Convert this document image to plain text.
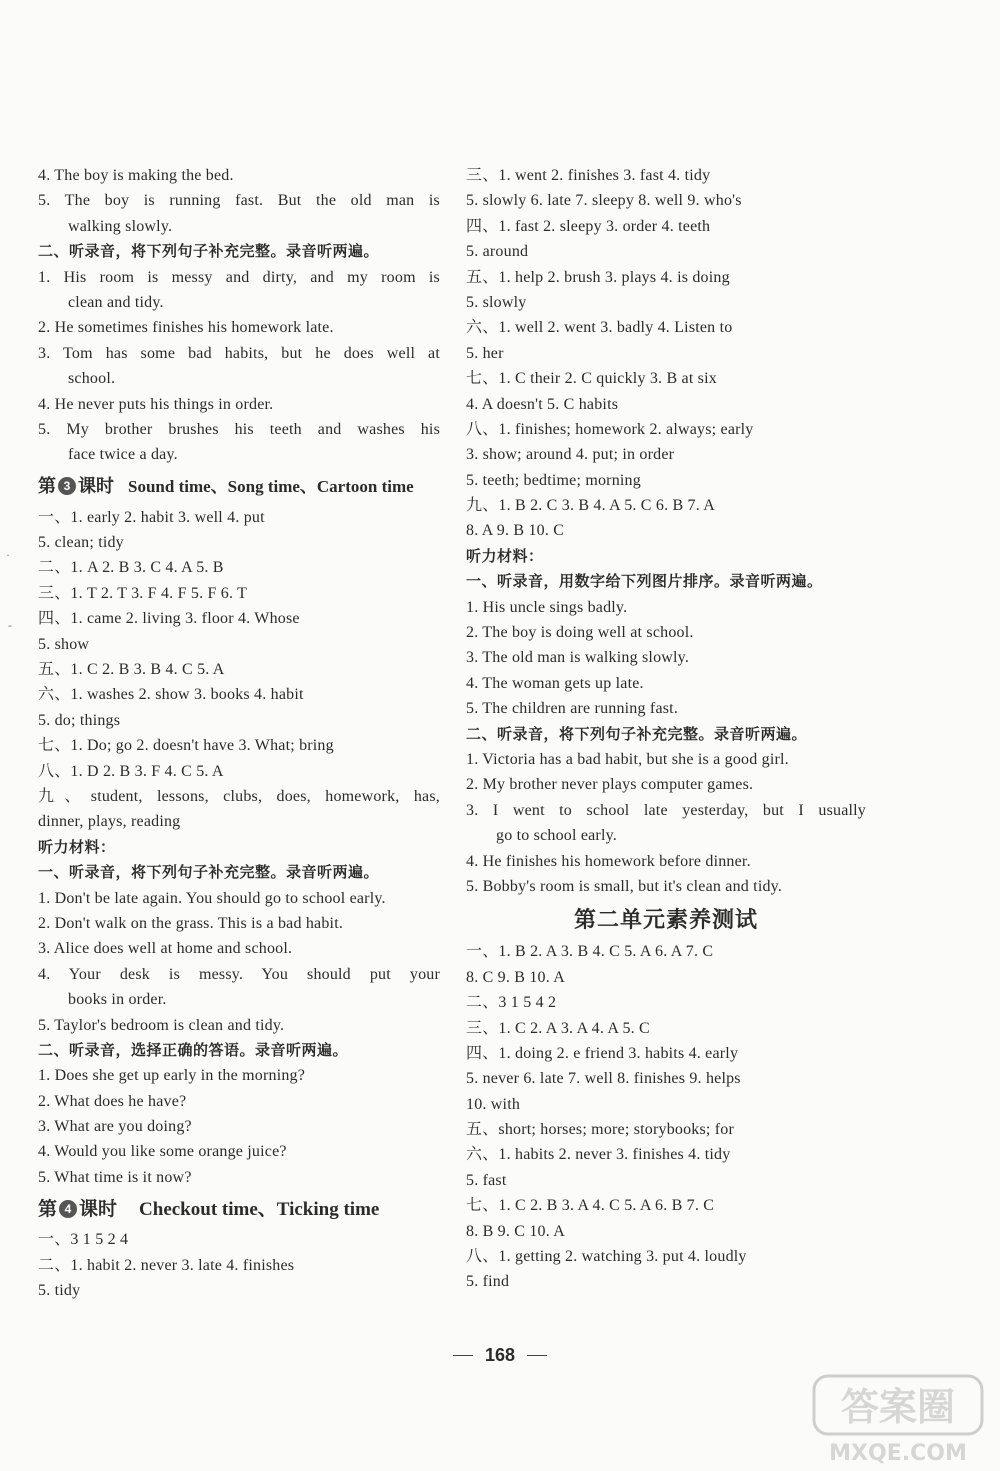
4. The boy is making the bed.
5. The boy is running fast. But the old man is
walking slowly.
二、听录音，将下列句子补充完整。录音听两遍。
1. His room is messy and dirty, and my room is
clean and tidy.
2. He sometimes finishes his homework late.
3. Tom has some bad habits, but he does well at
school.
4. He never puts his things in order.
5. My brother brushes his teeth and washes his
face twice a day.
第 3 课时 Sound time、Song time、Cartoon time
一、1. early 2. habit 3. well 4. put
5. clean; tidy
二、1. A 2. B 3. C 4. A 5. B
三、1. T 2. T 3. F 4. F 5. F 6. T
四、1. came 2. living 3. floor 4. Whose
5. show
五、1. C 2. B 3. B 4. C 5. A
六、1. washes 2. show 3. books 4. habit
5. do; things
七、1. Do; go 2. doesn't have 3. What; bring
八、1. D 2. B 3. F 4. C 5. A
九、student, lessons, clubs, does, homework, has,
dinner, plays, reading
听力材料：
一、听录音，将下列句子补充完整。录音听两遍。
1. Don't be late again. You should go to school early.
2. Don't walk on the grass. This is a bad habit.
3. Alice does well at home and school.
4. Your desk is messy. You should put your
books in order.
5. Taylor's bedroom is clean and tidy.
二、听录音，选择正确的答语。录音听两遍。
1. Does she get up early in the morning?
2. What does he have?
3. What are you doing?
4. Would you like some orange juice?
5. What time is it now?
第 4 课时 Checkout time、Ticking time
一、3 1 5 2 4
二、1. habit 2. never 3. late 4. finishes
5. tidy
三、1. went 2. finishes 3. fast 4. tidy
5. slowly 6. late 7. sleepy 8. well 9. who's
四、1. fast 2. sleepy 3. order 4. teeth
5. around
五、1. help 2. brush 3. plays 4. is doing
5. slowly
六、1. well 2. went 3. badly 4. Listen to
5. her
七、1. C their 2. C quickly 3. B at six
4. A doesn't 5. C habits
八、1. finishes; homework 2. always; early
3. show; around 4. put; in order
5. teeth; bedtime; morning
九、1. B 2. C 3. B 4. A 5. C 6. B 7. A
8. A 9. B 10. C
听力材料：
一、听录音，用数字给下列图片排序。录音听两遍。
1. His uncle sings badly.
2. The boy is doing well at school.
3. The old man is walking slowly.
4. The woman gets up late.
5. The children are running fast.
二、听录音，将下列句子补充完整。录音听两遍。
1. Victoria has a bad habit, but she is a good girl.
2. My brother never plays computer games.
3. I went to school late yesterday, but I usually
go to school early.
4. He finishes his homework before dinner.
5. Bobby's room is small, but it's clean and tidy.
第二单元素养测试
一、1. B 2. A 3. B 4. C 5. A 6. A 7. C
8. C 9. B 10. A
二、3 1 5 4 2
三、1. C 2. A 3. A 4. A 5. C
四、1. doing 2. e friend 3. habits 4. early
5. never 6. late 7. well 8. finishes 9. helps
10. with
五、short; horses; more; storybooks; for
六、1. habits 2. never 3. finishes 4. tidy
5. fast
七、1. C 2. B 3. A 4. C 5. A 6. B 7. C
8. B 9. C 10. A
八、1. getting 2. watching 3. put 4. loudly
5. find
·
-
168
答案圈
MXQE.COM
